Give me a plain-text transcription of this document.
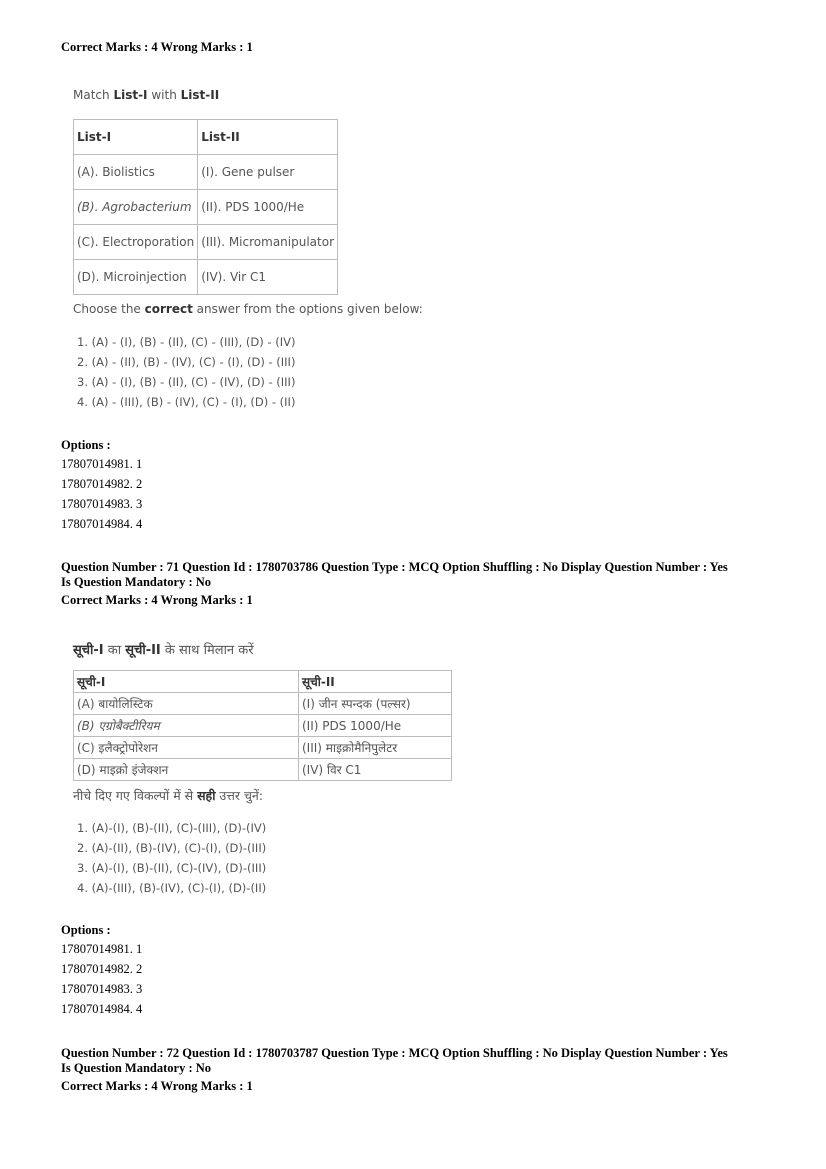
Correct Marks : 4 Wrong Marks : 1
Match List-I with List-II
List-I	List-II
(A). Biolistics	(I). Gene pulser
(B). Agrobacterium	(II). PDS 1000/He
(C). Electroporation	(III). Micromanipulator
(D). Microinjection	(IV). Vir C1
Choose the correct answer from the options given below:
1. (A) - (I), (B) - (II), (C) - (III), (D) - (IV)
2. (A) - (II), (B) - (IV), (C) - (I), (D) - (III)
3. (A) - (I), (B) - (II), (C) - (IV), (D) - (III)
4. (A) - (III), (B) - (IV), (C) - (I), (D) - (II)
Options :
17807014981. 1
17807014982. 2
17807014983. 3
17807014984. 4
Question Number : 71 Question Id : 1780703786 Question Type : MCQ Option Shuffling : No Display Question Number : Yes
Is Question Mandatory : No
Correct Marks : 4 Wrong Marks : 1
सूची-I का सूची-II के साथ मिलान करें
सूची-I	सूची-II
(A) बायोलिस्टिक	(I) जीन स्पन्दक (पल्सर)
(B) एग्रोबैक्टीरियम	(II) PDS 1000/He
(C) इलैक्ट्रोपोरेशन	(III) माइक्रोमैनिपुलेटर
(D) माइक्रो इंजेक्शन	(IV) विर C1
नीचे दिए गए विकल्पों में से सही उत्तर चुनें:
1. (A)-(I), (B)-(II), (C)-(III), (D)-(IV)
2. (A)-(II), (B)-(IV), (C)-(I), (D)-(III)
3. (A)-(I), (B)-(II), (C)-(IV), (D)-(III)
4. (A)-(III), (B)-(IV), (C)-(I), (D)-(II)
Options :
17807014981. 1
17807014982. 2
17807014983. 3
17807014984. 4
Question Number : 72 Question Id : 1780703787 Question Type : MCQ Option Shuffling : No Display Question Number : Yes
Is Question Mandatory : No
Correct Marks : 4 Wrong Marks : 1
